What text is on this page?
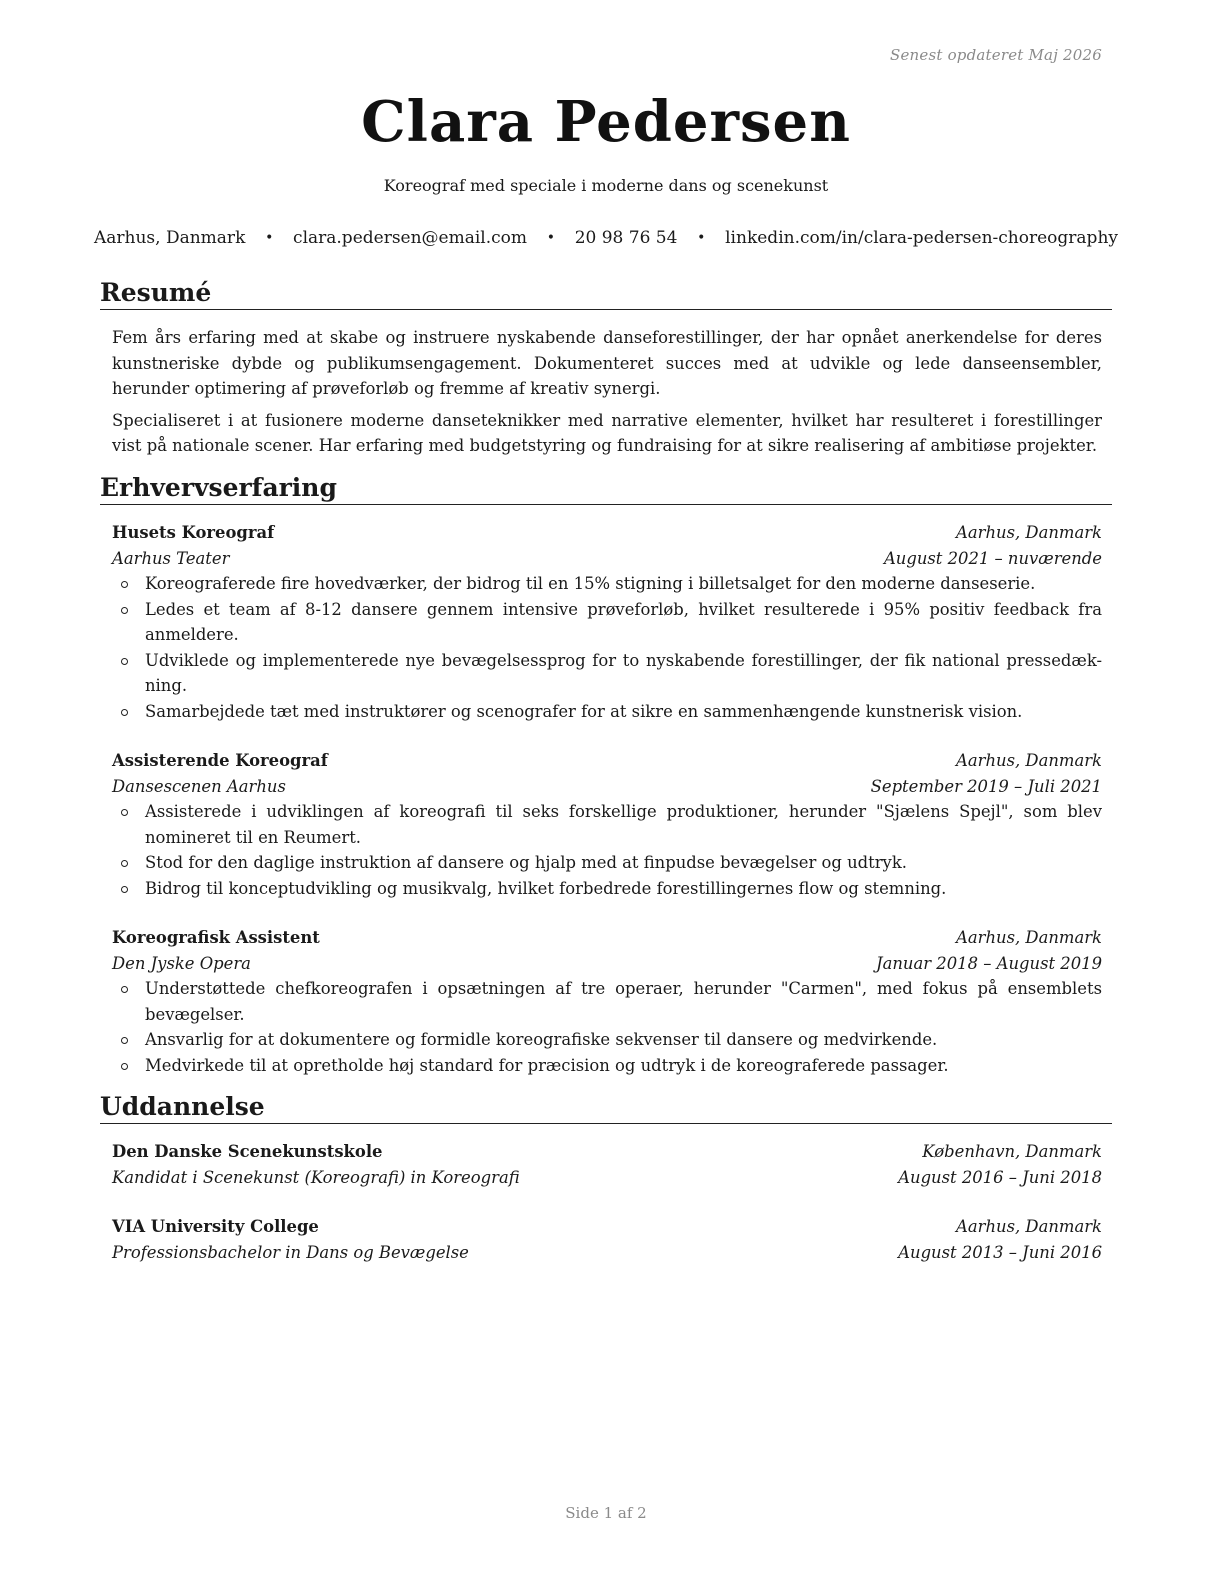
Senest opdateret Maj 2026
Clara Pedersen
Koreograf med speciale i moderne dans og scenekunst
Aarhus, Danmark • clara.pedersen@email.com • 20 98 76 54 • linkedin.com/in/clara-pedersen-choreography
Resumé

Fem års erfaring med at skabe og instruere nyskabende danseforestillinger, der har opnået anerkendelse for deres kunstneriske dybde og publikumsengagement. Dokumenteret succes med at udvikle og lede danseensembler, herunder optimering af prøveforløb og fremme af kreativ synergi.

Specialiseret i at fusionere moderne danseteknikker med narrative elementer, hvilket har resulteret i forestillinger vist på nationale scener. Har erfaring med budgetstyring og fundraising for at sikre realisering af ambitiøse projekter.

Erhvervserfaring
Husets Koreograf	Aarhus, Danmark
Aarhus Teater	August 2021 – nuværende
Koreograferede fire hovedværker, der bidrog til en 15% stigning i billetsalget for den moderne danseserie.
Ledes et team af 8-12 dansere gennem intensive prøveforløb, hvilket resulterede i 95% positiv feedback fra anmeldere.
Udviklede og implementerede nye bevægelsessprog for to nyskabende forestillinger, der fik national pressedæk-ning.
Samarbejdede tæt med instruktører og scenografer for at sikre en sammenhængende kunstnerisk vision.
Assisterende Koreograf	Aarhus, Danmark
Dansescenen Aarhus	September 2019 – Juli 2021
Assisterede i udviklingen af koreografi til seks forskellige produktioner, herunder "Sjælens Spejl", som blev nomineret til en Reumert.
Stod for den daglige instruktion af dansere og hjalp med at finpudse bevægelser og udtryk.
Bidrog til konceptudvikling og musikvalg, hvilket forbedrede forestillingernes flow og stemning.
Koreografisk Assistent	Aarhus, Danmark
Den Jyske Opera	Januar 2018 – August 2019
Understøttede chefkoreografen i opsætningen af tre operaer, herunder "Carmen", med fokus på ensemblets bevægelser.
Ansvarlig for at dokumentere og formidle koreografiske sekvenser til dansere og medvirkende.
Medvirkede til at opretholde høj standard for præcision og udtryk i de koreograferede passager.
Uddannelse
Den Danske Scenekunstskole	København, Danmark
Kandidat i Scenekunst (Koreografi) in Koreografi	August 2016 – Juni 2018
VIA University College	Aarhus, Danmark
Professionsbachelor in Dans og Bevægelse	August 2013 – Juni 2016
Side 1 af 2
